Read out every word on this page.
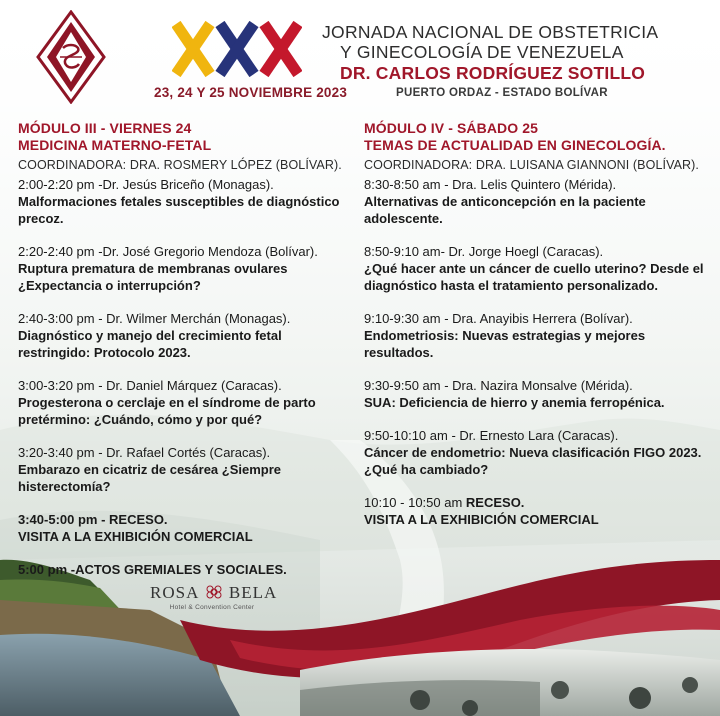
23, 24 Y 25 NOVIEMBRE 2023
JORNADA NACIONAL DE OBSTETRICIA
Y GINECOLOGÍA DE VENEZUELA
DR. CARLOS RODRÍGUEZ SOTILLO
PUERTO ORDAZ - ESTADO BOLÍVAR
MÓDULO III - VIERNES 24
MEDICINA MATERNO-FETAL
COORDINADORA: DRA. ROSMERY LÓPEZ (BOLÍVAR).
2:00-2:20 pm -Dr. Jesús Briceño (Monagas).
Malformaciones fetales susceptibles de diagnóstico precoz.
2:20-2:40 pm -Dr. José Gregorio Mendoza (Bolívar).
Ruptura prematura de membranas ovulares ¿Expectancia o interrupción?
2:40-3:00 pm - Dr. Wilmer Merchán (Monagas).
Diagnóstico y manejo del crecimiento fetal restringido: Protocolo 2023.
3:00-3:20 pm - Dr. Daniel Márquez (Caracas).
Progesterona o cerclaje en el síndrome de parto pretérmino: ¿Cuándo, cómo y por qué?
3:20-3:40 pm - Dr. Rafael Cortés (Caracas).
Embarazo en cicatriz de cesárea ¿Siempre histerectomía?
3:40-5:00 pm - RECESO.
VISITA A LA EXHIBICIÓN COMERCIAL
5:00 pm -ACTOS GREMIALES Y SOCIALES.
MÓDULO IV - SÁBADO 25
TEMAS DE ACTUALIDAD EN GINECOLOGÍA.
COORDINADORA: DRA. LUISANA GIANNONI (BOLÍVAR).
8:30-8:50 am - Dra. Lelis Quintero (Mérida).
Alternativas de anticoncepción en la paciente adolescente.
8:50-9:10 am- Dr. Jorge Hoegl (Caracas).
¿Qué hacer ante un cáncer de cuello uterino? Desde el diagnóstico hasta el tratamiento personalizado.
9:10-9:30 am - Dra. Anayibis Herrera (Bolívar).
Endometriosis: Nuevas estrategias y mejores resultados.
9:30-9:50 am - Dra. Nazira Monsalve (Mérida).
SUA: Deficiencia de hierro y anemia ferropénica.
9:50-10:10 am - Dr. Ernesto Lara (Caracas).
Cáncer de endometrio: Nueva clasificación FIGO 2023. ¿Qué ha cambiado?
10:10 - 10:50 am RECESO.
VISITA A LA EXHIBICIÓN COMERCIAL
ROSA BELA
Hotel & Convention Center
